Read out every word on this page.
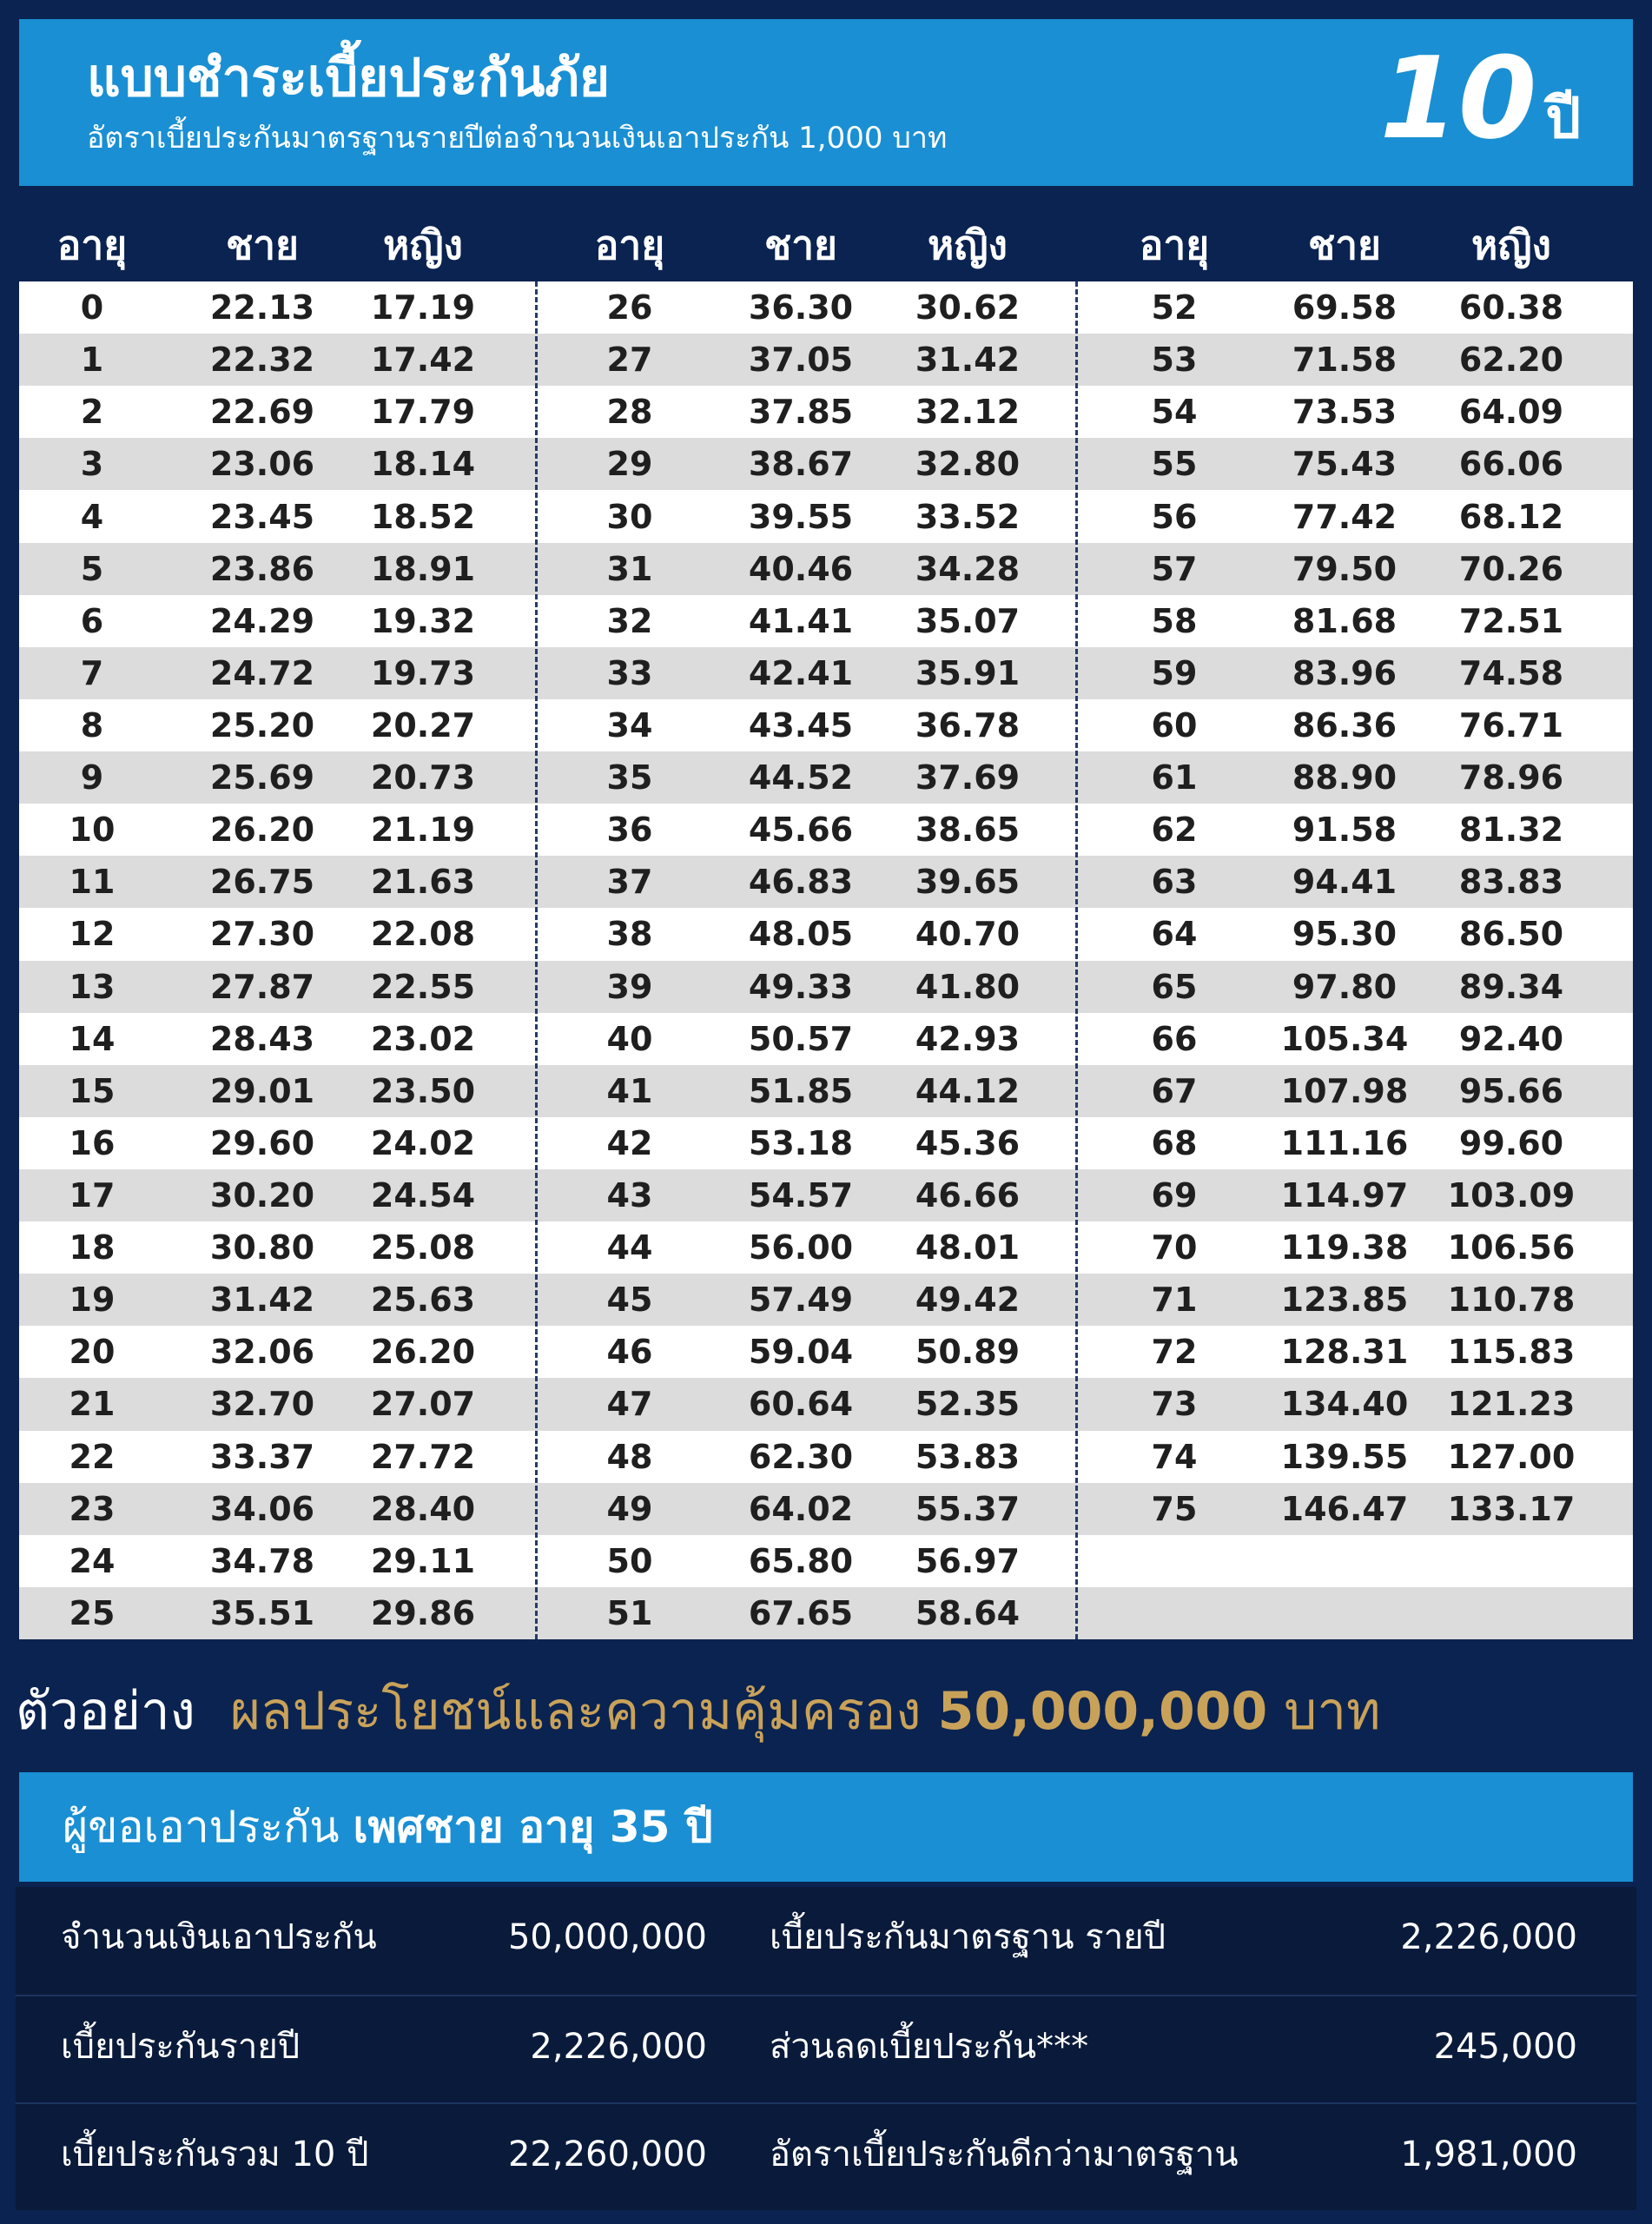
แบบชำระเบี้ยประกันภัย
อัตราเบี้ยประกันมาตรฐานรายปีต่อจำนวนเงินเอาประกัน 1,000 บาท	10 ปี
อายุ ชาย หญิง	อายุ ชาย หญิง	อายุ ชาย หญิง
0	22.13 17.19	26	36.30 30.62	52	69.58 60.38
1	22.32 17.42	27	37.05 31.42	53	71.58 62.20
2	22.69 17.79	28	37.85 32.12	54	73.53 64.09
3	23.06 18.14	29	38.67 32.80	55	75.43 66.06
4	23.45 18.52	30	39.55 33.52	56	77.42 68.12
5	23.86 18.91	31	40.46 34.28	57	79.50 70.26
6	24.29 19.32	32	41.41 35.07	58	81.68 72.51
7	24.72 19.73	33	42.41 35.91	59	83.96 74.58
8	25.20 20.27	34	43.45 36.78	60	86.36 76.71
9	25.69 20.73	35	44.52 37.69	61	88.90 78.96
10	26.20 21.19	36	45.66 38.65	62	91.58 81.32
11	26.75 21.63	37	46.83 39.65	63	94.41 83.83
12	27.30 22.08	38	48.05 40.70	64	95.30 86.50
13	27.87 22.55	39	49.33 41.80	65	97.80 89.34
14	28.43 23.02	40	50.57 42.93	66	105.34 92.40
15	29.01 23.50	41	51.85 44.12	67	107.98 95.66
16	29.60 24.02	42	53.18 45.36	68	111.16 99.60
17	30.20 24.54	43	54.57 46.66	69	114.97 103.09
18	30.80 25.08	44	56.00 48.01	70	119.38 106.56
19	31.42 25.63	45	57.49 49.42	71	123.85 110.78
20	32.06 26.20	46	59.04 50.89	72	128.31 115.83
21	32.70 27.07	47	60.64 52.35	73	134.40 121.23
22	33.37 27.72	48	62.30 53.83	74	139.55 127.00
23	34.06 28.40	49	64.02 55.37	75	146.47 133.17
24	34.78 29.11	50	65.80 56.97
25	35.51 29.86	51	67.65 58.64
ตัวอย่าง ผลประโยชน์และความคุ้มครอง 50,000,000 บาท
ผู้ขอเอาประกัน เพศชาย อายุ 35 ปี
จำนวนเงินเอาประกัน	50,000,000 เบี้ยประกันมาตรฐาน รายปี	2,226,000
เบี้ยประกันรายปี	2,226,000 ส่วนลดเบี้ยประกัน***	245,000
เบี้ยประกันรวม 10 ปี	22,260,000 อัตราเบี้ยประกันดีกว่ามาตรฐาน	1,981,000
